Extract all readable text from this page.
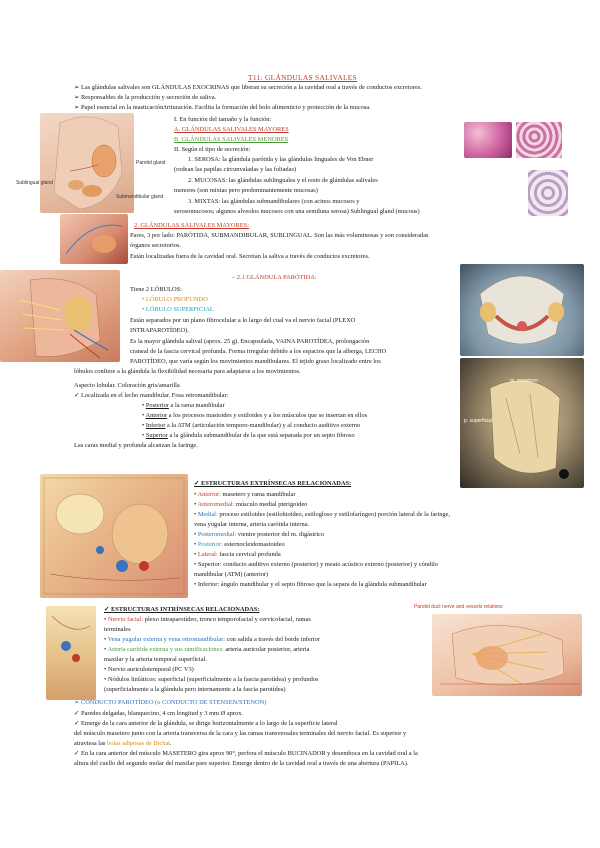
T11: GLÁNDULAS SALIVALES
➢ Las glándulas salivales son GLÁNDULAS EXOCRINAS que liberan su secreción a la cavidad oral a través de conductos excretores.
➢ Responsables de la producción y secreción de saliva.
➢ Papel esencial en la masticación/trituración. Facilita la formación del bolo alimenticio y protección de la mucosa.
Parotid gland
Sublingual gland
Submandibular gland
I. En función del tamaño y la función:
A. GLÁNDULAS SALIVALES MAYORES
B. GLÁNDULAS SALIVALES MENORES
II. Según el tipo de secreción:
1. SEROSA: la glándula parótida y las glándulas linguales de Von Ebner
(rodean las papilas circunvaladas y las foliadas)
2. MUCOSAS: las glándulas sublinguales y el resto de glándulas salivales
menores (son mixtas pero predominantemente mucosas)
3. MIXTAS: las glándulas submandibulares (con acinos mucosos y
serosomucosos; algunos alveolos mucosos con una semiluna serosa) Sublingual gland (mucous)
2. GLÁNDULAS SALIVALES MAYORES:
Pares, 3 por lado: PARÓTIDA, SUBMANDIBULAR, SUBLINGUAL. Son las más voluminosas y son consideradas
órganos secretorios.
Están localizadas fuera de la cavidad oral. Secretan la saliva a través de conductos excretores.
– 2.1 GLÁNDULA PARÓTIDA:
Tiene 2 LÓBULOS:
• LÓBULO PROFUNDO
• LÓBULO SUPERFICIAL
Están separados por un plano fibrocelular a lo largo del cual va el nervio facial (PLEXO
INTRAPAROTÍDEO).
Es la mayor glándula salival (aprox. 25 g). Encapsulada, VAINA PAROTÍDEA, prolongación
craneal de la fascia cervical profunda. Forma irregular debido a los espacios que la alberga, LECHO
PAROTÍDEO, que varía según los movimientos mandibulares. El tejido graso localizado entre los
lóbulos confiere a la glándula la flexibilidad necesaria para adaptarse a los movimientos.
m. masetero
p. superficial
Aspecto lobular. Coloración gris/amarilla
✓ Localizada en el lecho mandibular. Fosa retromandibular:
• Posterior a la rama mandibular
• Anterior a los procesos mastoides y estiloides y a los músculos que se insertan en ellos
• Inferior a la ATM (articulación temporo-mandibular) y al conducto auditivo externo
• Superior a la glándula submandibular de la que está separada por un septo fibroso
Las caras medial y profunda alcanzan la faringe.
✓ ESTRUCTURAS EXTRÍNSECAS RELACIONADAS:
• Anterior: masetero y rama mandibular
• Anteromedial: músculo medial pterigoideo
• Medial: proceso estiloides (estilohioideo, estilogloso y estilofaríngeo) porción lateral de la faringe,
vena yugular interna, arteria carótida interna.
• Posteromedial: vientre posterior del m. digástrico
• Posterior: esternocleidomastoideo
• Lateral: fascia cervical profunda
• Superior: conducto auditivo externo (posterior) y meato acústico externo (posterior) y cóndilo
mandibular (ATM) (anterior)
• Inferior: ángulo mandibular y el septo fibroso que la separa de la glándula submandibular
✓ ESTRUCTURAS INTRÍNSECAS RELACIONADAS:
• Nervio facial: plexo intraparotídeo, tronco temporofacial y cervicofacial, ramas
terminales
• Vena yugular externa y vena retromandibular: con salida a través del borde inferior
• Arteria carótida externa y sus ramificaciones: arteria auricular posterior, arteria
maxilar y la arteria temporal superficial.
• Nervio auriculotemporal (PC V3)
• Nódulos linfáticos: superficial (superficialmente a la fascia parotídea) y profundos
(superficialmente a la glándula pero internamente a la fascia parotídea)
Parotid duct nerve and vessels relations
➢ CONDUCTO PAROTÍDEO (o CONDUCTO DE STENSEN/STENON)
✓ Paredes delgadas, blanquecino, 4 cm longitud y 3 mm Ø aprox.
✓ Emerge de la cara anterior de la glándula, se dirige horizontalmente a lo largo de la superficie lateral
del músculo masetero junto con la arteria transversa de la cara y las ramas transversales terminales del nervio facial. Es superior y
atraviesa las bolas adiposas de Bichat.
✓ En la cara anterior del músculo MASETERO gira aprox 90°, perfora el músculo BUCINADOR y desemboca en la cavidad oral a la
altura del cuello del segundo molar del maxilar pare superior. Emerge dentro de la cavidad oral a través de una abertura (PAPILA).
